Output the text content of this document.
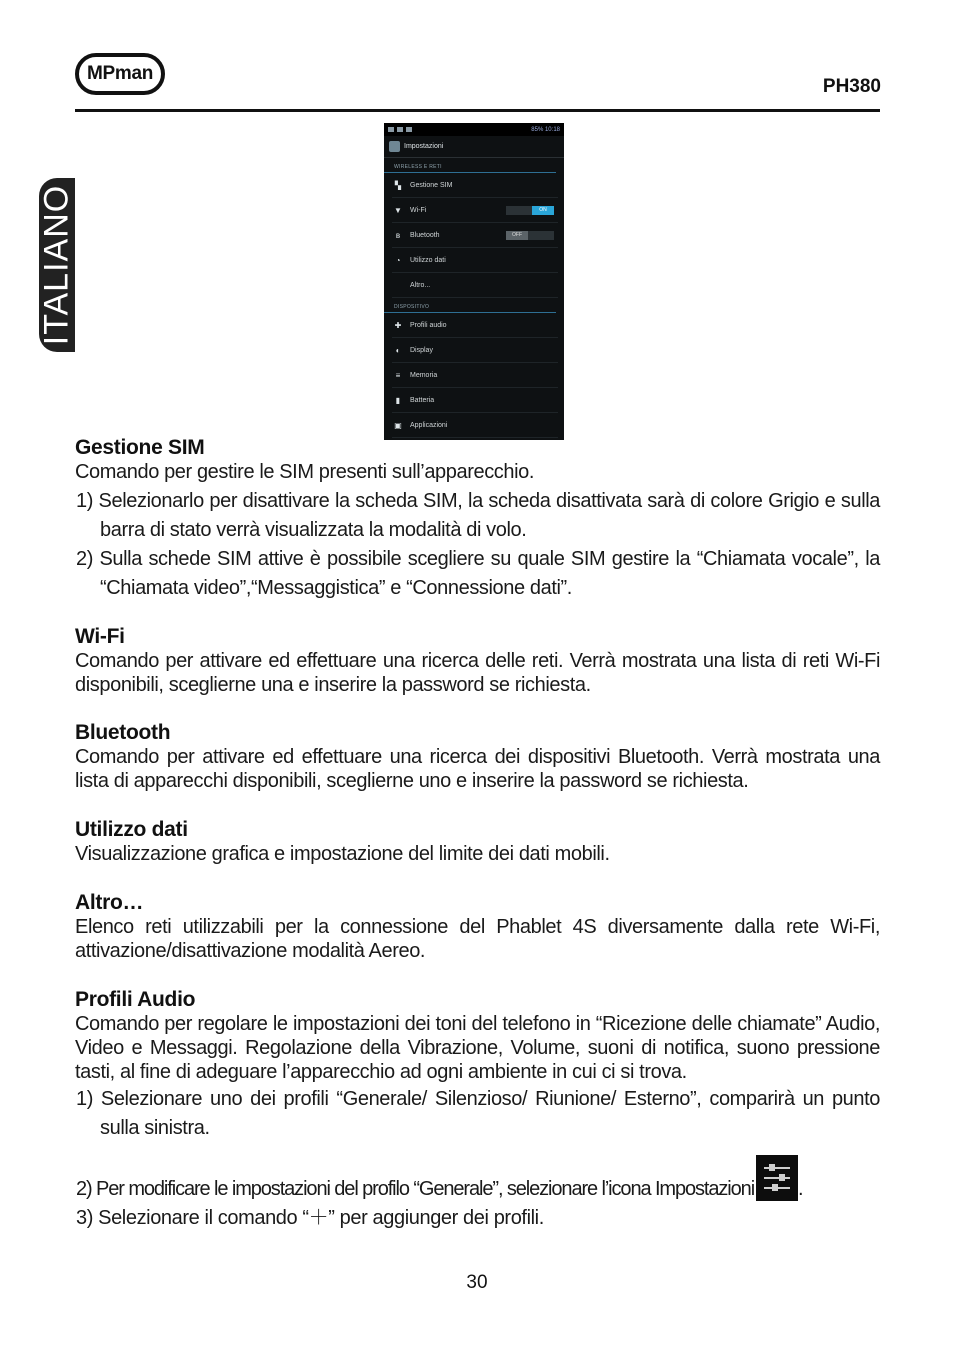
MPman
PH380
ITALIANO
85% 10:18
Impostazioni
WIRELESS E RETI
▚	Gestione SIM
▼ Wi-Fi	ON
ʙ	Bluetooth	OFF
◔	Utilizzo dati
Altro...
DISPOSITIVO
✚	Profili audio
◐	Display
≡	Memoria
▮	Batteria
▣	Applicazioni
Gestione SIM
Comando per gestire le SIM presenti sull’apparecchio.
1) Selezionarlo per disattivare la scheda SIM, la scheda disattivata sarà di colore Grigio e sulla barra di stato verrà visualizzata la modalità di volo.
2) Sulla schede SIM attive è possibile scegliere su quale SIM gestire la “Chiamata vocale”, la “Chiamata video”,“Messaggistica” e “Connessione dati”.
Wi-Fi
Comando per attivare ed effettuare una ricerca delle reti. Verrà mostrata una lista di reti Wi-Fi disponibili, sceglierne una e inserire la password se richiesta.
Bluetooth
Comando per attivare ed effettuare una ricerca dei dispositivi Bluetooth. Verrà mostrata una lista di apparecchi disponibili, sceglierne uno e inserire la password se richiesta.
Utilizzo dati
Visualizzazione grafica e impostazione del limite dei dati mobili.
Altro…
Elenco reti utilizzabili per la connessione del Phablet 4S diversamente dalla rete Wi-Fi, attivazione/disattivazione modalità Aereo.
Profili Audio
Comando per regolare le impostazioni dei toni del telefono in “Ricezione delle chiamate” Audio, Video e Messaggi. Regolazione della Vibrazione, Volume, suoni di notifica, suono pressione tasti, al fine di adeguare l’apparecchio ad ogni ambiente in cui ci si trova.
1) Selezionare uno dei profili “Generale/ Silenzioso/ Riunione/ Esterno”, comparirà un punto sulla sinistra.
2) Per modificare le impostazioni del profilo “Generale”, selezionare l’icona Impostazioni .
3) Selezionare il comando “＋” per aggiunger dei profili.
30
